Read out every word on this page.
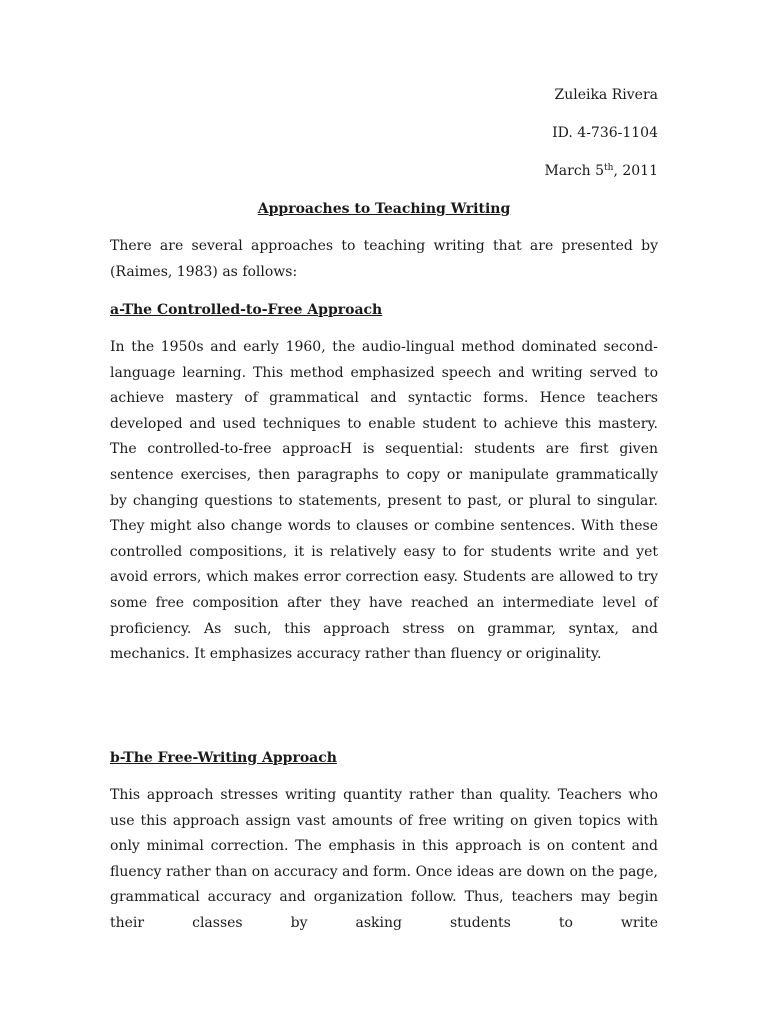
Zuleika Rivera
ID. 4-736-1104
March 5th, 2011
Approaches to Teaching Writing

There are several approaches to teaching writing that are presented by (Raimes, 1983) as follows:

a-The Controlled-to-Free Approach

In the 1950s and early 1960, the audio-lingual method dominated second-language learning. This method emphasized speech and writing served to achieve mastery of grammatical and syntactic forms. Hence teachers developed and used techniques to enable student to achieve this mastery. The controlled-to-free approacH is sequential: students are first given sentence exercises, then paragraphs to copy or manipulate grammatically by changing questions to statements, present to past, or plural to singular. They might also change words to clauses or combine sentences. With these controlled compositions, it is relatively easy to for students write and yet avoid errors, which makes error correction easy. Students are allowed to try some free composition after they have reached an intermediate level of proficiency. As such, this approach stress on grammar, syntax, and mechanics. It emphasizes accuracy rather than fluency or originality.

b-The Free-Writing Approach

This approach stresses writing quantity rather than quality. Teachers who use this approach assign vast amounts of free writing on given topics with only minimal correction. The emphasis in this approach is on content and fluency rather than on accuracy and form. Once ideas are down on the page, grammatical accuracy and organization follow. Thus, teachers may begin their classes by asking students to write
